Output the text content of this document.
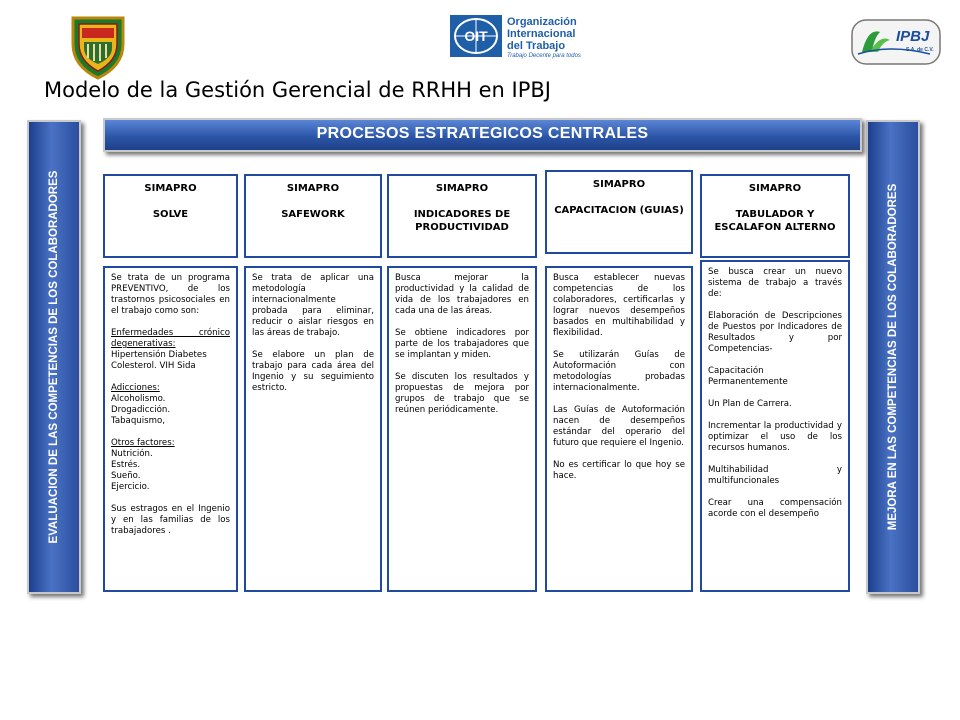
OIT
Organización
Internacional
del Trabajo
Trabajo Decente para todos
IPBJ
S.A. de C.V.
Modelo de la Gestión Gerencial de RRHH en IPBJ
EVALUACION DE LAS COMPETENCIAS DE LOS COLABORADORES	MEJORA EN LAS COMPETENCIAS DE LOS COLABORADORES
PROCESOS ESTRATEGICOS CENTRALES
SIMAPRO
SOLVE
SIMAPRO
SAFEWORK
SIMAPRO
INDICADORES DE PRODUCTIVIDAD
SIMAPRO
CAPACITACION (GUIAS)
SIMAPRO
TABULADOR Y ESCALAFON ALTERNO

Se trata de un programa PREVENTIVO, de los trastornos psicosociales en el trabajo como son:

Enfermedades crónico degenerativas:
Hipertensión Diabetes
Colesterol. VIH Sida
Adicciones:
Alcoholismo.
Drogadicción.
Tabaquismo,
Otros factores:
Nutrición.
Estrés.
Sueño.
Ejercicio.

Sus estragos en el Ingenio y en las familias de los trabajadores .

Se trata de aplicar una metodología internacionalmente probada para eliminar, reducir o aislar riesgos en las áreas de trabajo.

Se elabore un plan de trabajo para cada área del Ingenio y su seguimiento estricto.

Busca mejorar la productividad y la calidad de vida de los trabajadores en cada una de las áreas.

Se obtiene indicadores por parte de los trabajadores que se implantan y miden.

Se discuten los resultados y propuestas de mejora por grupos de trabajo que se reúnen periódicamente.

Busca establecer nuevas competencias de los colaboradores, certificarlas y lograr nuevos desempeños basados en multihabilidad y flexibilidad.

Se utilizarán Guías de Autoformación con metodologías probadas internacionalmente.

Las Guías de Autoformación nacen de desempeños estándar del operario del futuro que requiere el Ingenio.

No es certificar lo que hoy se hace.

Se busca crear un nuevo sistema de trabajo a través de:

Elaboración de Descripciones de Puestos por Indicadores de Resultados y por Competencias-

Capacitación Permanentemente

Un Plan de Carrera.

Incrementar la productividad y optimizar el uso de los recursos humanos.

Multihabilidad y multifuncionales

Crear una compensación acorde con el desempeño
